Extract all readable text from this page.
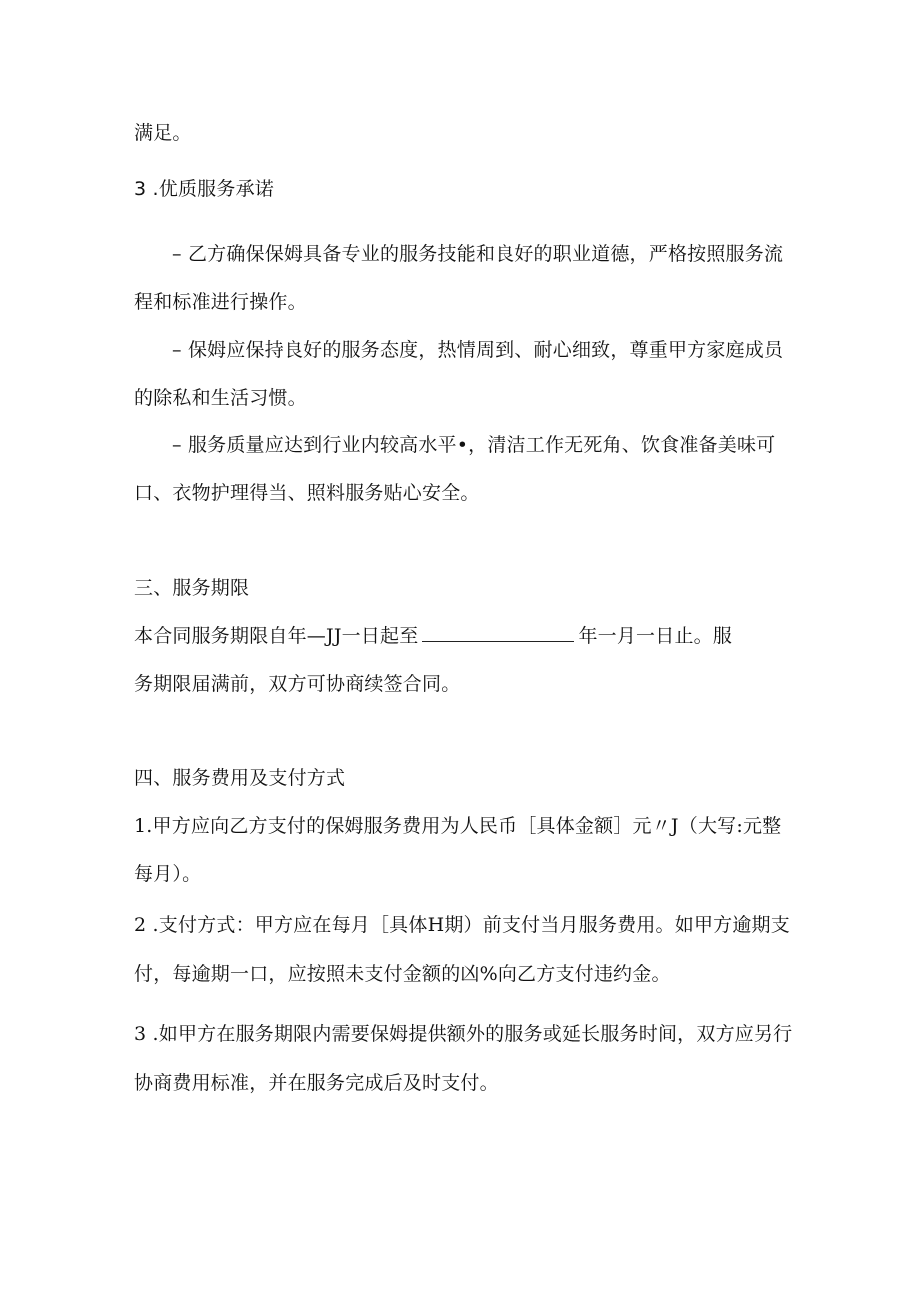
满足。
3 .优质服务承诺
– 乙方确保保姆具备专业的服务技能和良好的职业道德，严格按照服务流
程和标准进行操作。
– 保姆应保持良好的服务态度，热情周到、耐心细致，尊重甲方家庭成员
的除私和生活习惯。
– 服务质量应达到行业内较高水平•，清洁工作无死角、饮食准备美味可
口、衣物护理得当、照料服务贴心安全。
三、服务期限
本合同服务期限自年—JJ一日起至	年一月一日止。服
务期限届满前，双方可协商续签合同。
四、服务费用及支付方式
1.甲方应向乙方支付的保姆服务费用为人民币［具体金额］元〃J（大写:元整
每月）。
2 .支付方式：甲方应在每月［具体H期）前支付当月服务费用。如甲方逾期支
付，每逾期一口，应按照未支付金额的凶%向乙方支付违约金。
3 .如甲方在服务期限内需要保姆提供额外的服务或延长服务时间，双方应另行
协商费用标准，并在服务完成后及时支付。
